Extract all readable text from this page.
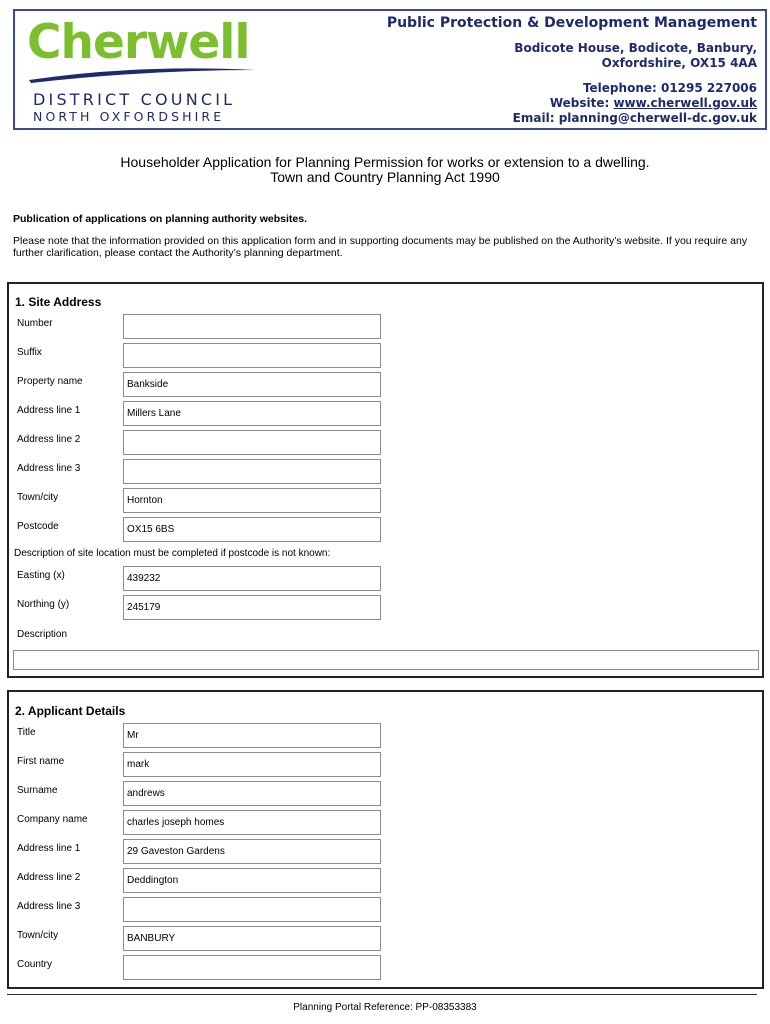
Cherwell
DISTRICT COUNCIL
NORTH OXFORDSHIRE
Public Protection & Development Management
Bodicote House, Bodicote, Banbury,
Oxfordshire, OX15 4AA
Telephone: 01295 227006
Website: www.cherwell.gov.uk
Email: planning@cherwell-dc.gov.uk
Householder Application for Planning Permission for works or extension to a dwelling.
Town and Country Planning Act 1990
Publication of applications on planning authority websites.
Please note that the information provided on this application form and in supporting documents may be published on the Authority’s website. If you require any further clarification, please contact the Authority’s planning department.
1. Site Address
Number
Suffix
Property name	Bankside
Address line 1	Millers Lane
Address line 2
Address line 3
Town/city	Hornton
Postcode	OX15 6BS
Description of site location must be completed if postcode is not known:
Easting (x)	439232
Northing (y)	245179
Description
2. Applicant Details
Title	Mr
First name	mark
Surname	andrews
Company name	charles joseph homes
Address line 1	29 Gaveston Gardens
Address line 2	Deddington
Address line 3
Town/city	BANBURY
Country
Planning Portal Reference: PP-08353383
